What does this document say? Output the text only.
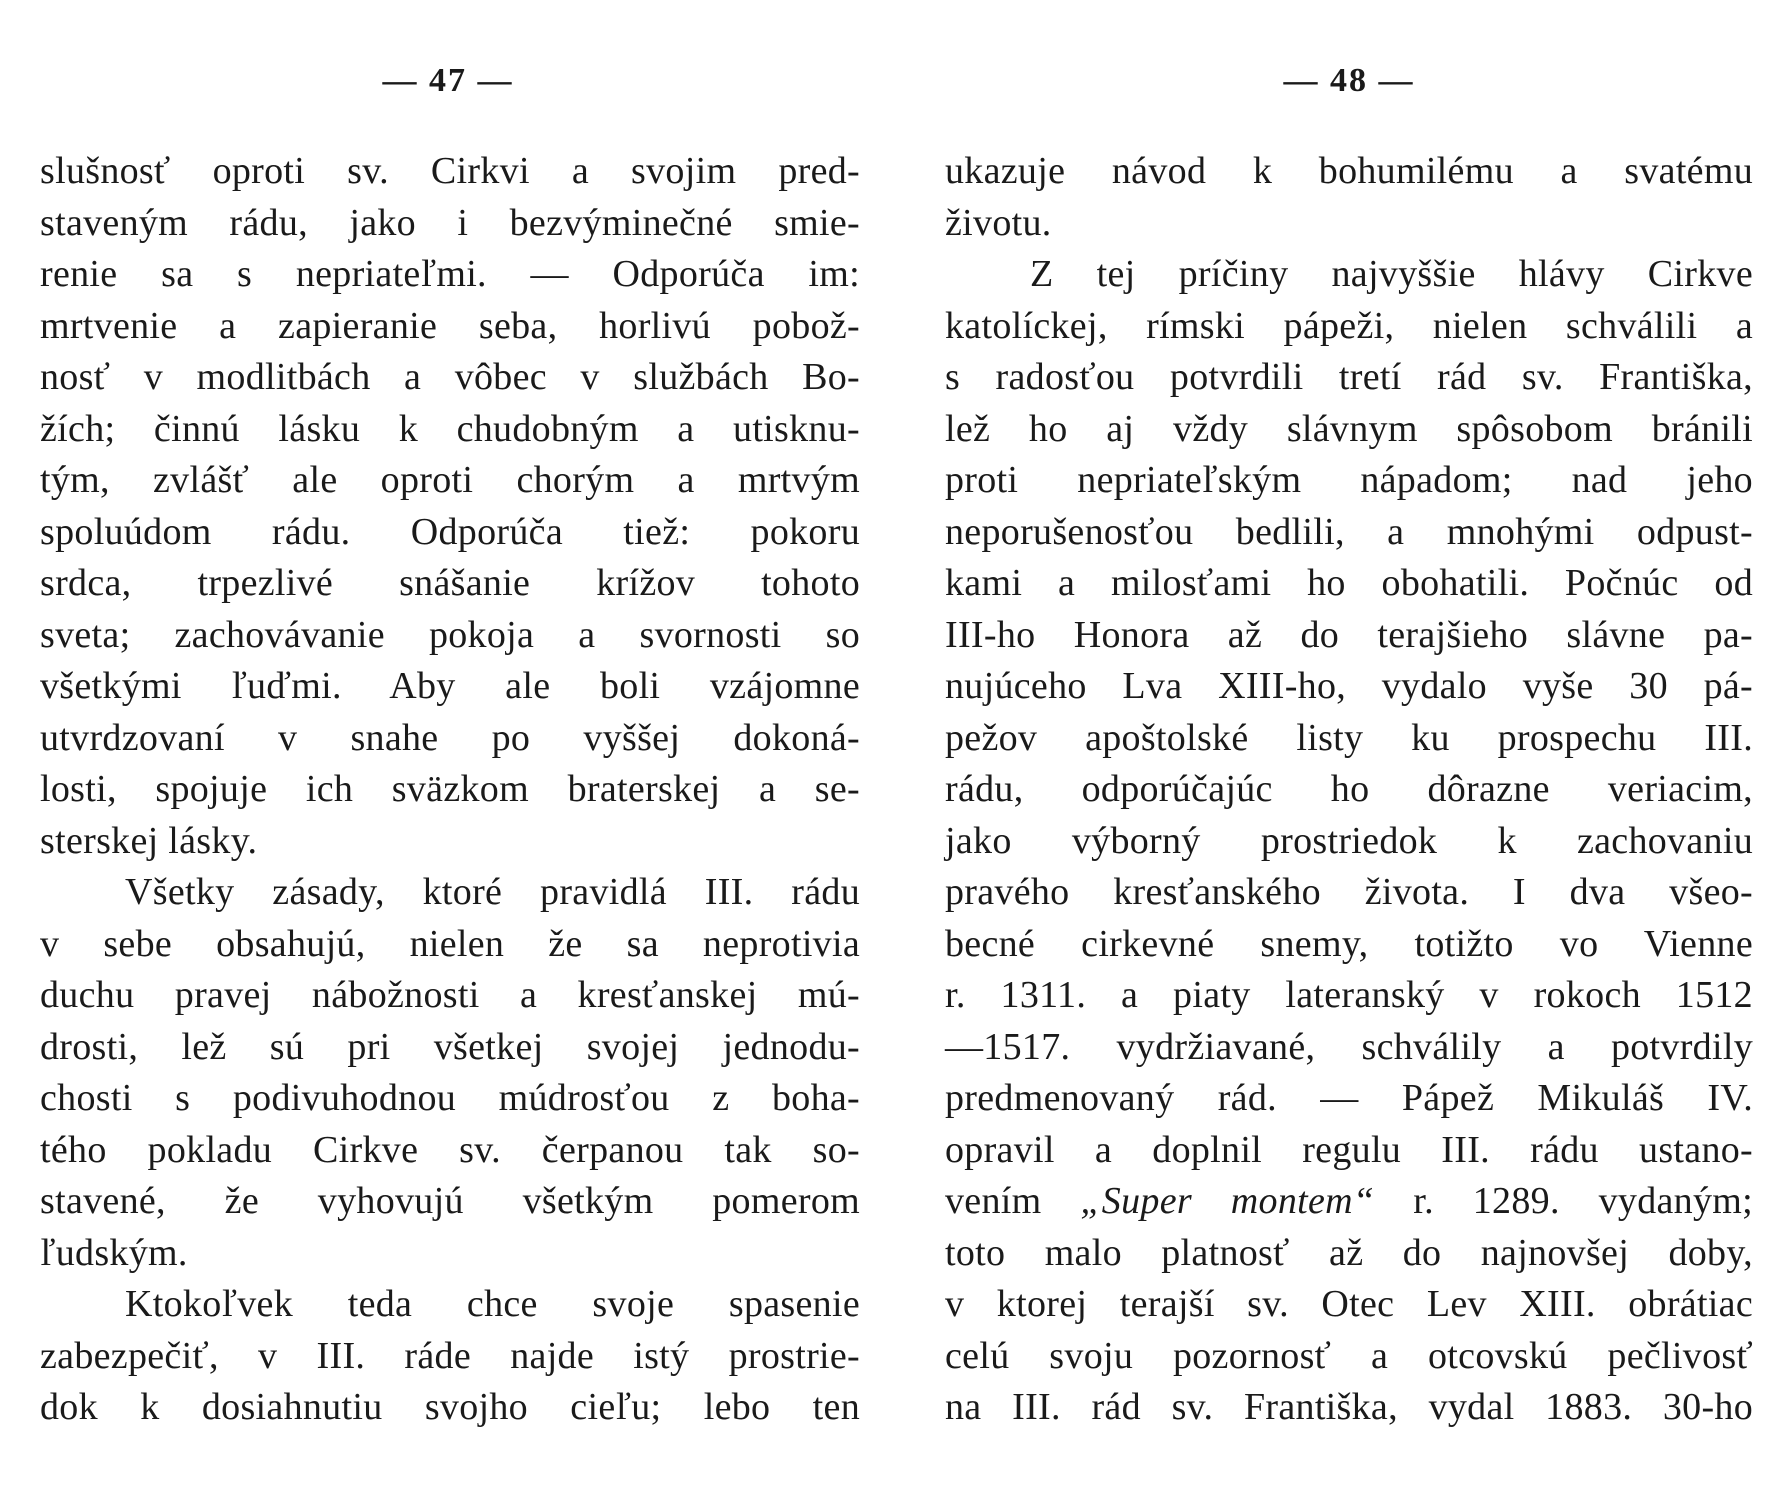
— 47 —
slušnosť oproti sv. Cirkvi a svojim pred-
staveným rádu, jako i bezvýminečné smie-
renie sa s nepriateľmi. — Odporúča im:
mrtvenie a zapieranie seba, horlivú pobož-
nosť v modlitbách a vôbec v službách Bo-
žích; činnú lásku k chudobným a utisknu-
tým, zvlášť ale oproti chorým a mrtvým
spoluúdom rádu. Odporúča tiež: pokoru
srdca, trpezlivé snášanie krížov tohoto
sveta; zachovávanie pokoja a svornosti so
všetkými ľuďmi. Aby ale boli vzájomne
utvrdzovaní v snahe po vyššej dokoná-
losti, spojuje ich sväzkom braterskej a se-
sterskej lásky.
Všetky zásady, ktoré pravidlá III. rádu
v sebe obsahujú, nielen že sa neprotivia
duchu pravej nábožnosti a kresťanskej mú-
drosti, lež sú pri všetkej svojej jednodu-
chosti s podivuhodnou múdrosťou z boha-
tého pokladu Cirkve sv. čerpanou tak so-
stavené, že vyhovujú všetkým pomerom
ľudským.
Ktokoľvek teda chce svoje spasenie
zabezpečiť, v III. ráde najde istý prostrie-
dok k dosiahnutiu svojho cieľu; lebo ten
— 48 —
ukazuje návod k bohumilému a svatému
životu.
Z tej príčiny najvyššie hlávy Cirkve
katolíckej, rímski pápeži, nielen schválili a
s radosťou potvrdili tretí rád sv. Františka,
lež ho aj vždy slávnym spôsobom bránili
proti nepriateľským nápadom; nad jeho
neporušenosťou bedlili, a mnohými odpust-
kami a milosťami ho obohatili. Počnúc od
III-ho Honora až do terajšieho slávne pa-
nujúceho Lva XIII-ho, vydalo vyše 30 pá-
pežov apoštolské listy ku prospechu III.
rádu, odporúčajúc ho dôrazne veriacim,
jako výborný prostriedok k zachovaniu
pravého kresťanského života. I dva všeo-
becné cirkevné snemy, totižto vo Vienne
r. 1311. a piaty lateranský v rokoch 1512
—1517. vydržiavané, schválily a potvrdily
predmenovaný rád. — Pápež Mikuláš IV.
opravil a doplnil regulu III. rádu ustano-
vením „Super montem“ r. 1289. vydaným;
toto malo platnosť až do najnovšej doby,
v ktorej terajší sv. Otec Lev XIII. obrátiac
celú svoju pozornosť a otcovskú pečlivosť
na III. rád sv. Františka, vydal 1883. 30-ho
